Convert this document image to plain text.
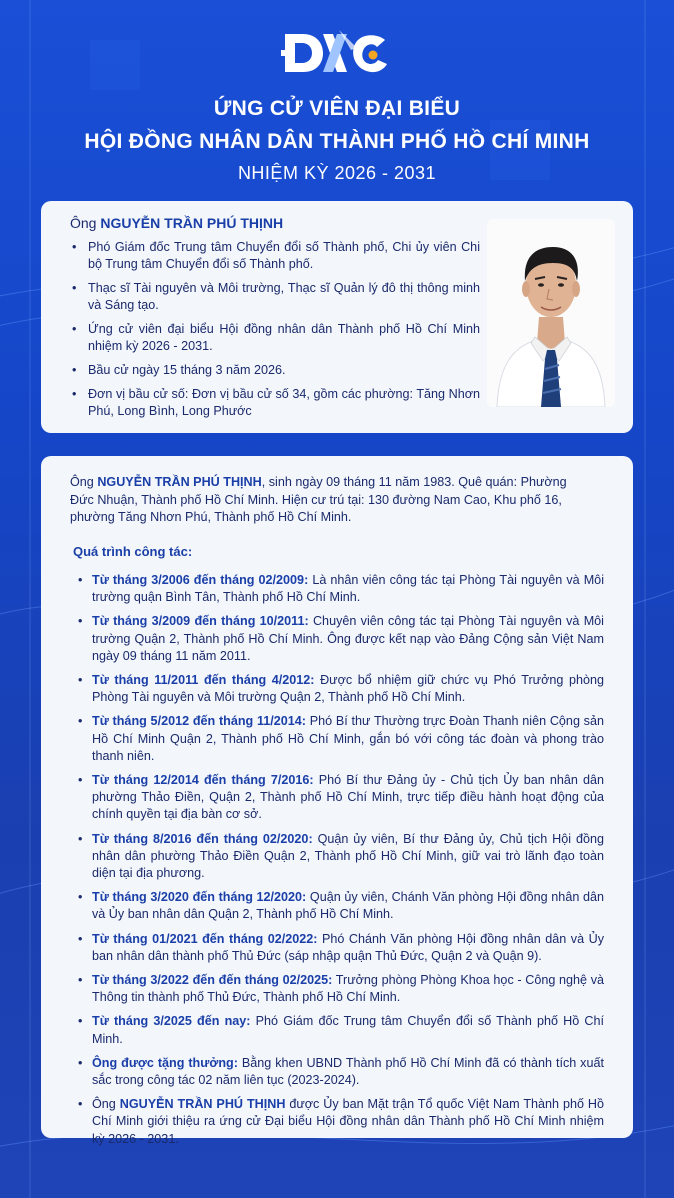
ỨNG CỬ VIÊN ĐẠI BIỂU
HỘI ĐỒNG NHÂN DÂN THÀNH PHỐ HỒ CHÍ MINH
NHIỆM KỲ 2026 - 2031
Ông NGUYỄN TRẦN PHÚ THỊNH
• Phó Giám đốc Trung tâm Chuyển đổi số Thành phố, Chi ủy viên Chi bộ Trung tâm Chuyển đổi số Thành phố.
• Thạc sĩ Tài nguyên và Môi trường, Thạc sĩ Quản lý đô thị thông minh và Sáng tạo.
• Ứng cử viên đại biểu Hội đồng nhân dân Thành phố Hồ Chí Minh nhiệm kỳ 2026 - 2031.
• Bầu cử ngày 15 tháng 3 năm 2026.
• Đơn vị bầu cử số: Đơn vị bầu cử số 34, gồm các phường: Tăng Nhơn Phú, Long Bình, Long Phước

Ông NGUYỄN TRẦN PHÚ THỊNH, sinh ngày 09 tháng 11 năm 1983. Quê quán: Phường Đức Nhuận, Thành phố Hồ Chí Minh. Hiện cư trú tại: 130 đường Nam Cao, Khu phố 16, phường Tăng Nhơn Phú, Thành phố Hồ Chí Minh.

Quá trình công tác:
• Từ tháng 3/2006 đến tháng 02/2009: Là nhân viên công tác tại Phòng Tài nguyên và Môi trường quận Bình Tân, Thành phố Hồ Chí Minh.
• Từ tháng 3/2009 đến tháng 10/2011: Chuyên viên công tác tại Phòng Tài nguyên và Môi trường Quận 2, Thành phố Hồ Chí Minh. Ông được kết nạp vào Đảng Cộng sản Việt Nam ngày 09 tháng 11 năm 2011.
• Từ tháng 11/2011 đến tháng 4/2012: Được bổ nhiệm giữ chức vụ Phó Trưởng phòng Phòng Tài nguyên và Môi trường Quận 2, Thành phố Hồ Chí Minh.
• Từ tháng 5/2012 đến tháng 11/2014: Phó Bí thư Thường trực Đoàn Thanh niên Cộng sản Hồ Chí Minh Quận 2, Thành phố Hồ Chí Minh, gắn bó với công tác đoàn và phong trào thanh niên.
• Từ tháng 12/2014 đến tháng 7/2016: Phó Bí thư Đảng ủy - Chủ tịch Ủy ban nhân dân phường Thảo Điền, Quận 2, Thành phố Hồ Chí Minh, trực tiếp điều hành hoạt động của chính quyền tại địa bàn cơ sở.
• Từ tháng 8/2016 đến tháng 02/2020: Quận ủy viên, Bí thư Đảng ủy, Chủ tịch Hội đồng nhân dân phường Thảo Điền Quận 2, Thành phố Hồ Chí Minh, giữ vai trò lãnh đạo toàn diện tại địa phương.
• Từ tháng 3/2020 đến tháng 12/2020: Quận ủy viên, Chánh Văn phòng Hội đồng nhân dân và Ủy ban nhân dân Quận 2, Thành phố Hồ Chí Minh.
• Từ tháng 01/2021 đến tháng 02/2022: Phó Chánh Văn phòng Hội đồng nhân dân và Ủy ban nhân dân thành phố Thủ Đức (sáp nhập quận Thủ Đức, Quận 2 và Quận 9).
• Từ tháng 3/2022 đến đến tháng 02/2025: Trưởng phòng Phòng Khoa học - Công nghệ và Thông tin thành phố Thủ Đức, Thành phố Hồ Chí Minh.
• Từ tháng 3/2025 đến nay: Phó Giám đốc Trung tâm Chuyển đổi số Thành phố Hồ Chí Minh.
• Ông được tặng thưởng: Bằng khen UBND Thành phố Hồ Chí Minh đã có thành tích xuất sắc trong công tác 02 năm liên tục (2023-2024).
• Ông NGUYỄN TRẦN PHÚ THỊNH được Ủy ban Mặt trận Tổ quốc Việt Nam Thành phố Hồ Chí Minh giới thiệu ra ứng cử Đại biểu Hội đồng nhân dân Thành phố Hồ Chí Minh nhiệm kỳ 2026 - 2031.
